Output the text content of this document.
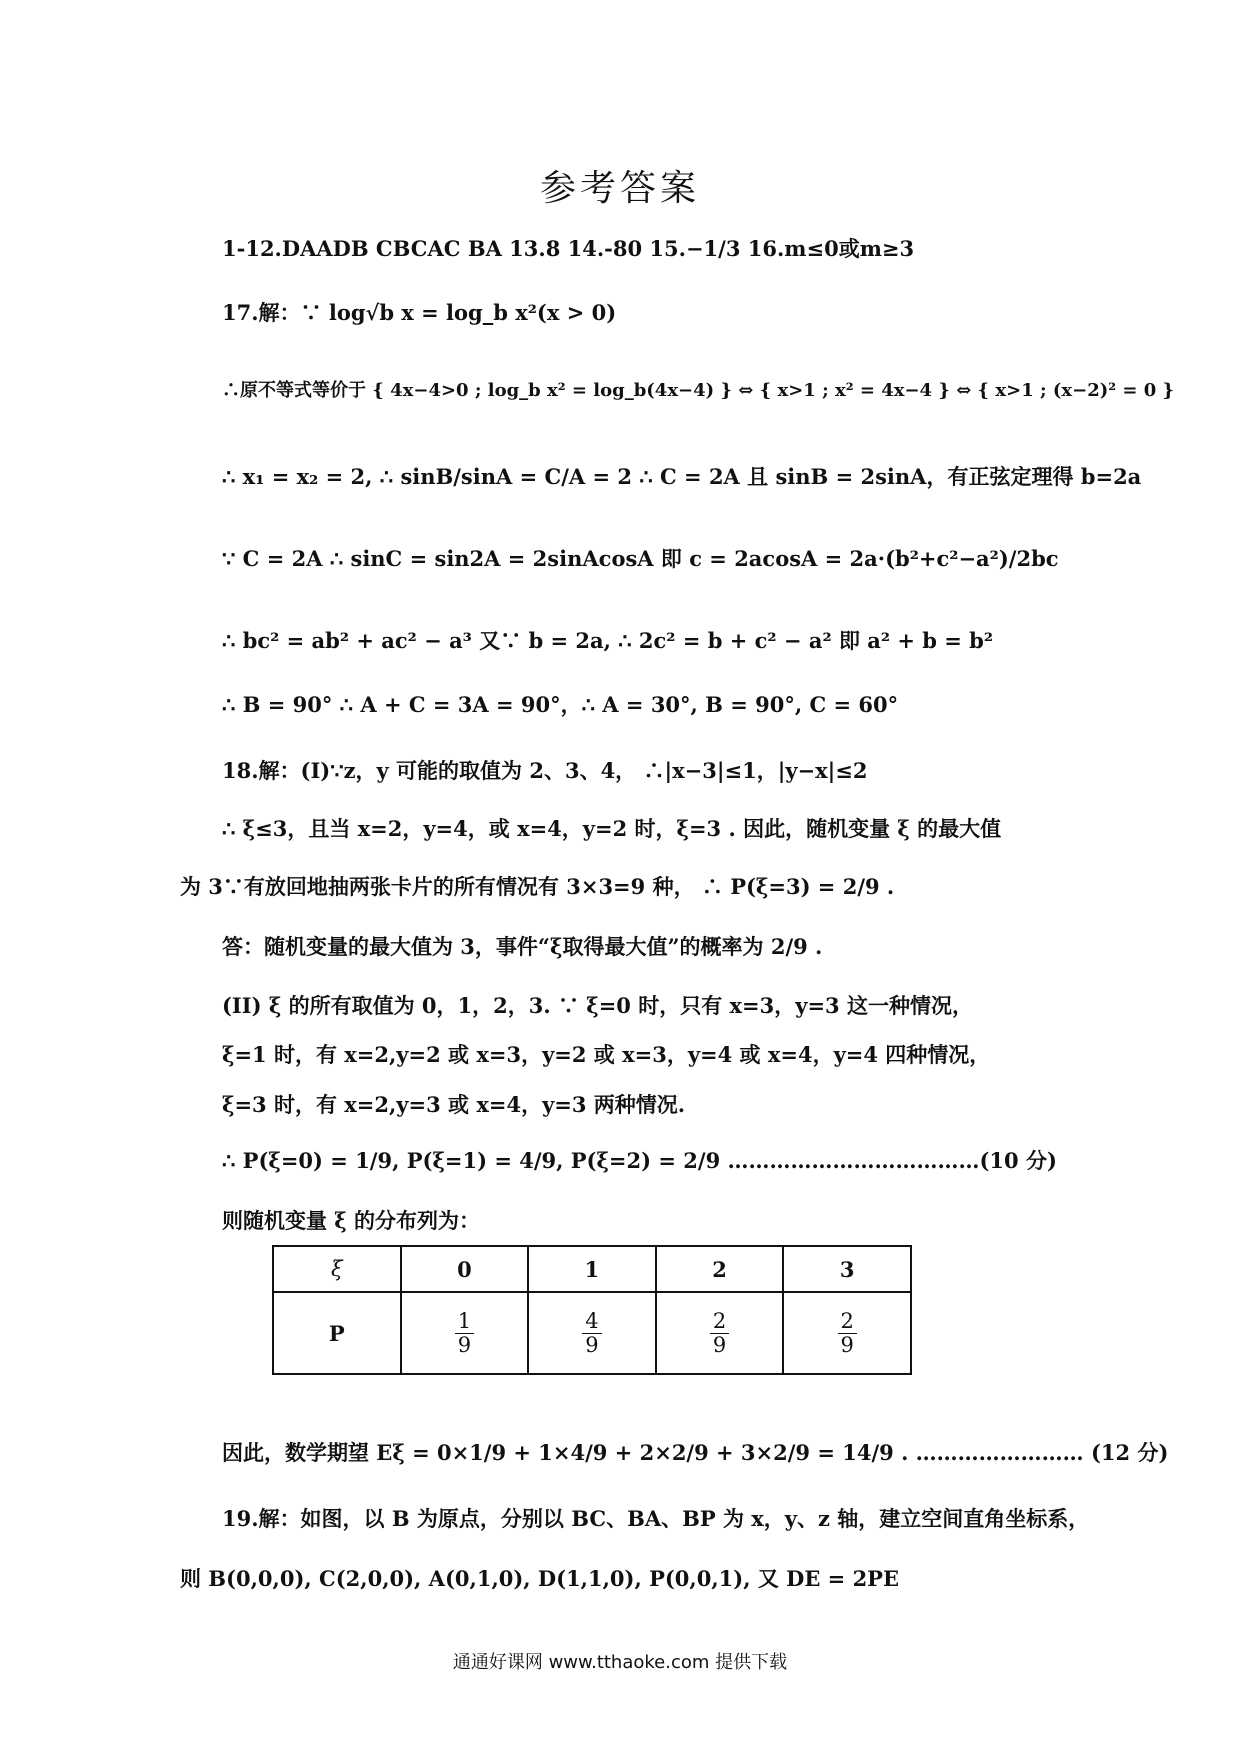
参考答案
1-12.DAADB CBCAC BA 13.8 14.-80 15.−1/3 16.m≤0或m≥3
17.解：∵ log√b x = log_b x²(x > 0)
∴原不等式等价于 { 4x−4>0 ; log_b x² = log_b(4x−4) } ⇔ { x>1 ; x² = 4x−4 } ⇔ { x>1 ; (x−2)² = 0 }
∴ x₁ = x₂ = 2, ∴ sinB/sinA = C/A = 2 ∴ C = 2A 且 sinB = 2sinA，有正弦定理得 b=2a
∵ C = 2A ∴ sinC = sin2A = 2sinAcosA 即 c = 2acosA = 2a·(b²+c²−a²)/2bc
∴ bc² = ab² + ac² − a³ 又∵ b = 2a, ∴ 2c² = b + c² − a² 即 a² + b = b²
∴ B = 90° ∴ A + C = 3A = 90°，∴ A = 30°, B = 90°, C = 60°
18.解：(I)∵z，y 可能的取值为 2、3、4， ∴|x−3|≤1，|y−x|≤2
∴ ξ≤3，且当 x=2，y=4，或 x=4，y=2 时，ξ=3 . 因此，随机变量 ξ 的最大值
为 3∵有放回地抽两张卡片的所有情况有 3×3=9 种， ∴ P(ξ=3) = 2/9 .
答：随机变量的最大值为 3，事件“ξ取得最大值”的概率为 2/9 .
(II) ξ 的所有取值为 0，1，2，3. ∵ ξ=0 时，只有 x=3，y=3 这一种情况，
ξ=1 时，有 x=2,y=2 或 x=3，y=2 或 x=3，y=4 或 x=4，y=4 四种情况，
ξ=3 时，有 x=2,y=3 或 x=4，y=3 两种情况.
∴ P(ξ=0) = 1/9, P(ξ=1) = 4/9, P(ξ=2) = 2/9 ………………………………(10 分)
则随机变量 ξ 的分布列为：
ξ	0	1	2	3
P	$\frac{1}{9}$	$\frac{4}{9}$	$\frac{2}{9}$	$\frac{2}{9}$
因此，数学期望 Eξ = 0×1/9 + 1×4/9 + 2×2/9 + 3×2/9 = 14/9 . …………………… (12 分)
19.解：如图，以 B 为原点，分别以 BC、BA、BP 为 x，y、z 轴，建立空间直角坐标系，
则 B(0,0,0), C(2,0,0), A(0,1,0), D(1,1,0), P(0,0,1), 又 DE = 2PE
通通好课网 www.tthaoke.com 提供下载
